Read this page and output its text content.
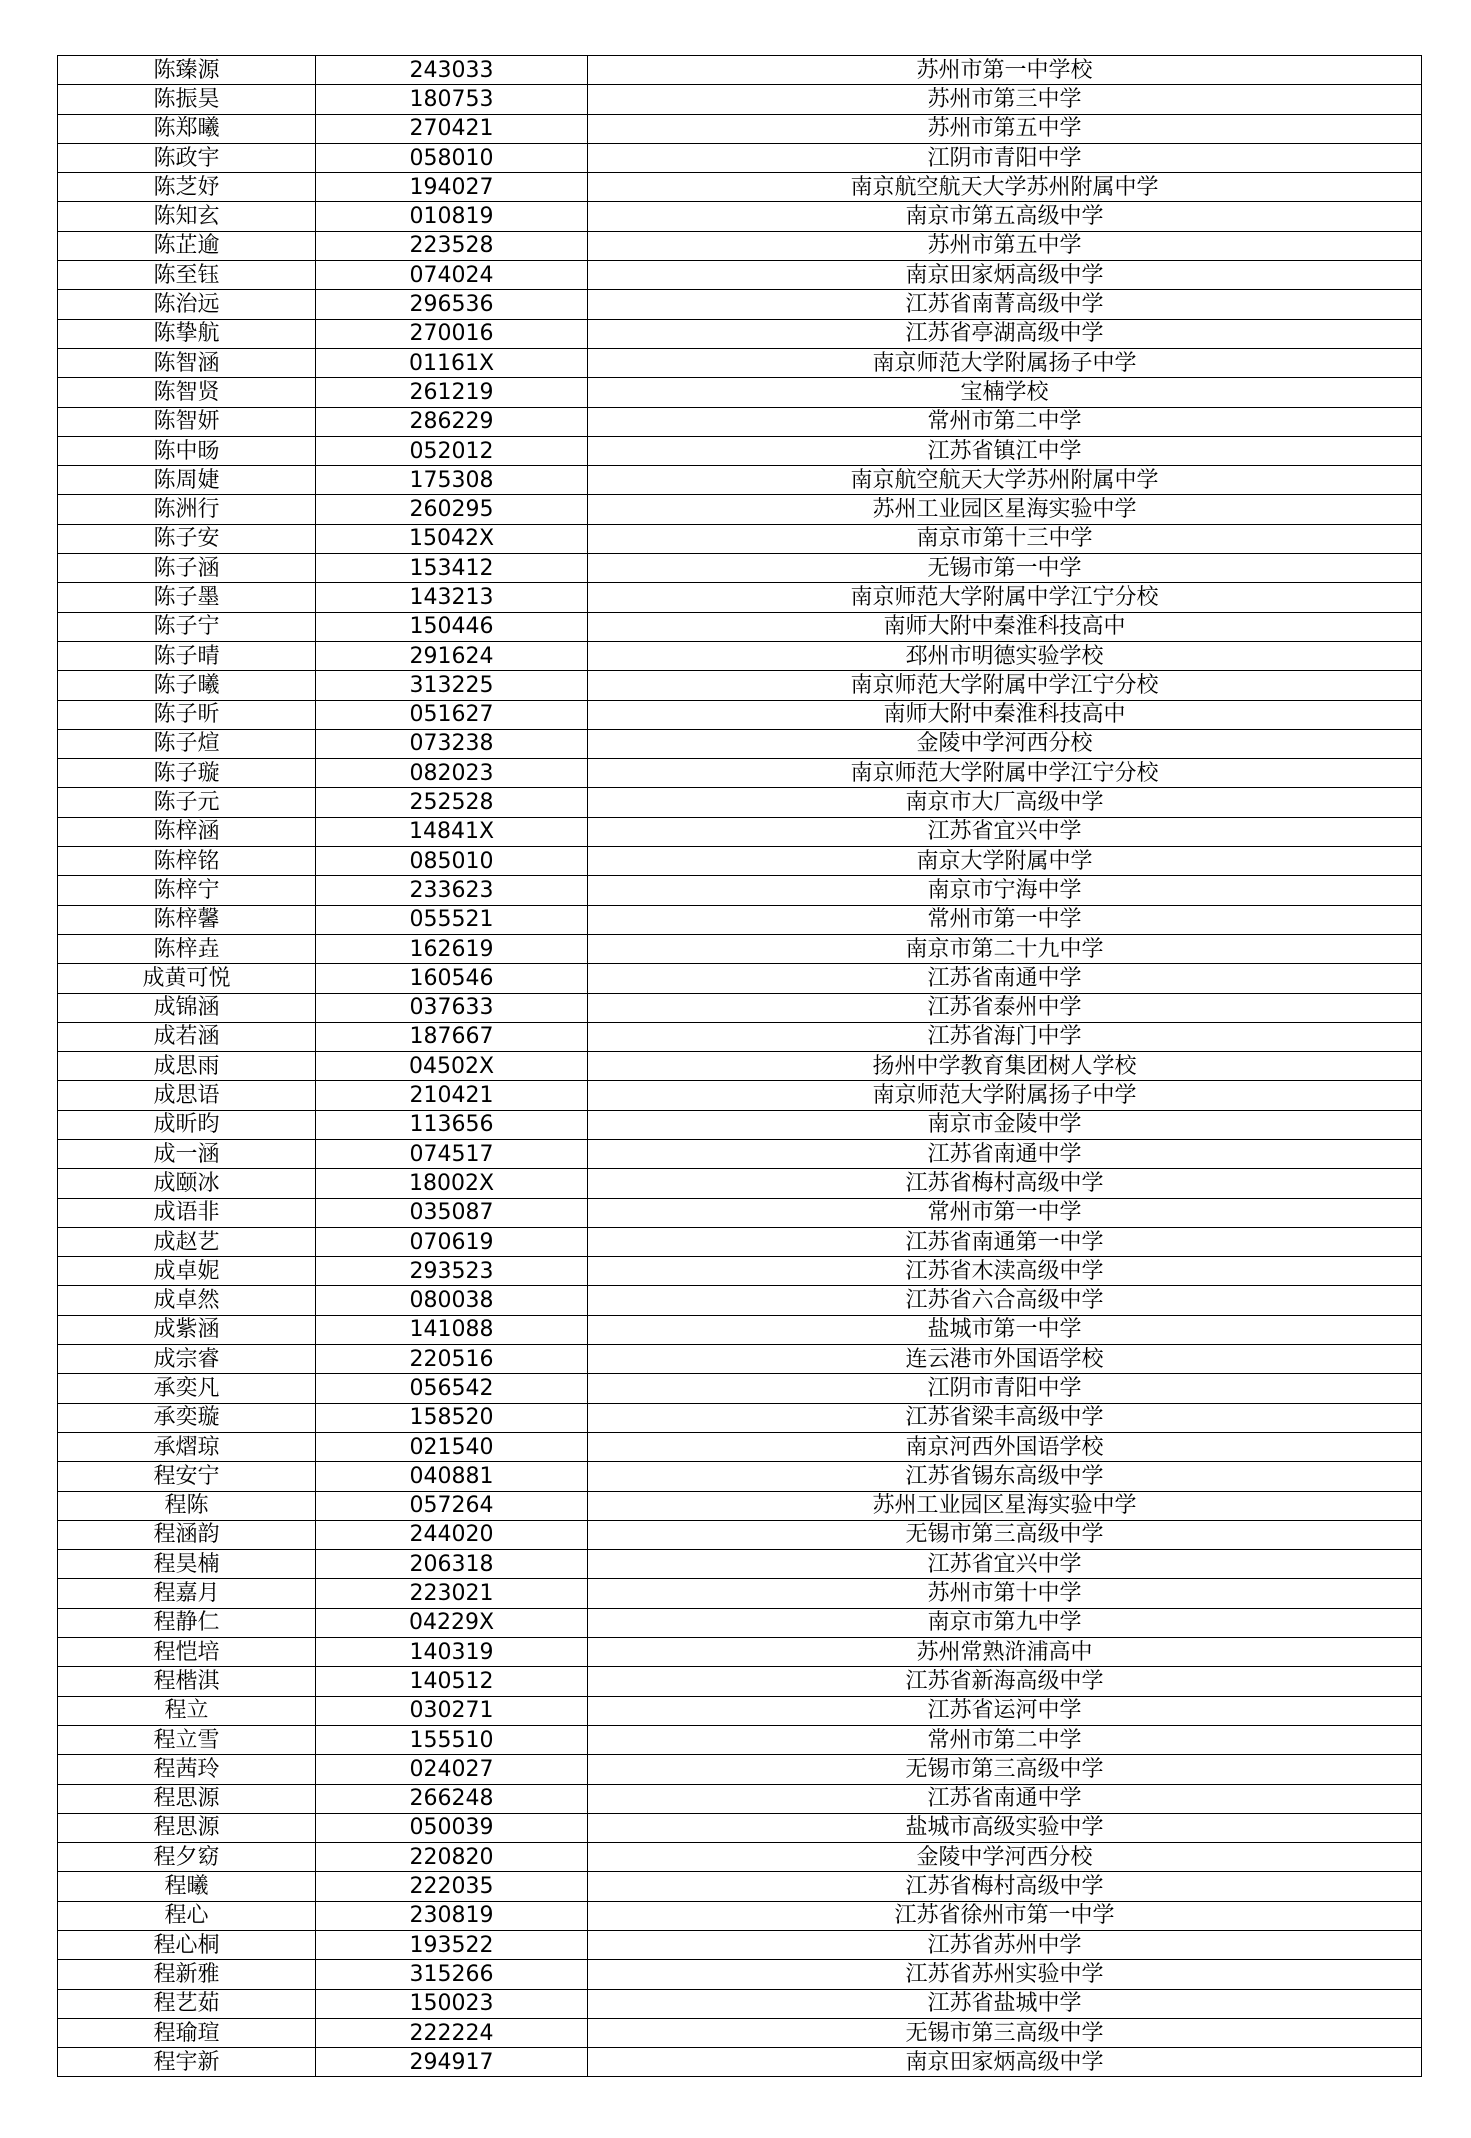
陈臻源	243033	苏州市第一中学校
陈振昊	180753	苏州市第三中学
陈郑曦	270421	苏州市第五中学
陈政宇	058010	江阴市青阳中学
陈芝妤	194027	南京航空航天大学苏州附属中学
陈知玄	010819	南京市第五高级中学
陈芷逾	223528	苏州市第五中学
陈至钰	074024	南京田家炳高级中学
陈治远	296536	江苏省南菁高级中学
陈挚航	270016	江苏省亭湖高级中学
陈智涵	01161X	南京师范大学附属扬子中学
陈智贤	261219	宝楠学校
陈智妍	286229	常州市第二中学
陈中旸	052012	江苏省镇江中学
陈周婕	175308	南京航空航天大学苏州附属中学
陈洲行	260295	苏州工业园区星海实验中学
陈子安	15042X	南京市第十三中学
陈子涵	153412	无锡市第一中学
陈子墨	143213	南京师范大学附属中学江宁分校
陈子宁	150446	南师大附中秦淮科技高中
陈子晴	291624	邳州市明德实验学校
陈子曦	313225	南京师范大学附属中学江宁分校
陈子昕	051627	南师大附中秦淮科技高中
陈子煊	073238	金陵中学河西分校
陈子璇	082023	南京师范大学附属中学江宁分校
陈子元	252528	南京市大厂高级中学
陈梓涵	14841X	江苏省宜兴中学
陈梓铭	085010	南京大学附属中学
陈梓宁	233623	南京市宁海中学
陈梓馨	055521	常州市第一中学
陈梓垚	162619	南京市第二十九中学
成黄可悦	160546	江苏省南通中学
成锦涵	037633	江苏省泰州中学
成若涵	187667	江苏省海门中学
成思雨	04502X	扬州中学教育集团树人学校
成思语	210421	南京师范大学附属扬子中学
成昕昀	113656	南京市金陵中学
成一涵	074517	江苏省南通中学
成颐冰	18002X	江苏省梅村高级中学
成语非	035087	常州市第一中学
成赵艺	070619	江苏省南通第一中学
成卓妮	293523	江苏省木渎高级中学
成卓然	080038	江苏省六合高级中学
成紫涵	141088	盐城市第一中学
成宗睿	220516	连云港市外国语学校
承奕凡	056542	江阴市青阳中学
承奕璇	158520	江苏省梁丰高级中学
承熠琼	021540	南京河西外国语学校
程安宁	040881	江苏省锡东高级中学
程陈	057264	苏州工业园区星海实验中学
程涵韵	244020	无锡市第三高级中学
程昊楠	206318	江苏省宜兴中学
程嘉月	223021	苏州市第十中学
程静仁	04229X	南京市第九中学
程恺培	140319	苏州常熟浒浦高中
程楷淇	140512	江苏省新海高级中学
程立	030271	江苏省运河中学
程立雪	155510	常州市第二中学
程茜玲	024027	无锡市第三高级中学
程思源	266248	江苏省南通中学
程思源	050039	盐城市高级实验中学
程夕窈	220820	金陵中学河西分校
程曦	222035	江苏省梅村高级中学
程心	230819	江苏省徐州市第一中学
程心桐	193522	江苏省苏州中学
程新雅	315266	江苏省苏州实验中学
程艺茹	150023	江苏省盐城中学
程瑜瑄	222224	无锡市第三高级中学
程宇新	294917	南京田家炳高级中学
